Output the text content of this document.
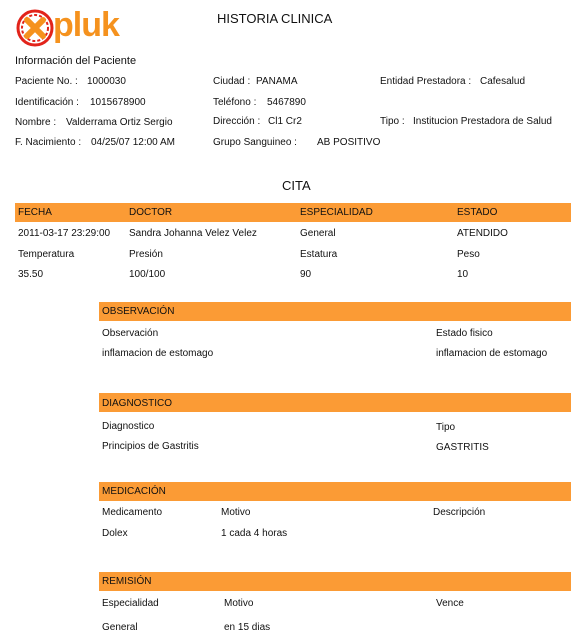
pluk	HISTORIA CLINICA
Información del Paciente
Paciente No. : 1000030
Identificación : 1015678900
Nombre : Valderrama Ortiz Sergio
F. Nacimiento : 04/25/07 12:00 AM
Ciudad : PANAMA
Teléfono : 5467890
Dirección : Cl1 Cr2
Grupo Sanguineo : AB POSITIVO
Entidad Prestadora : Cafesalud
Tipo : Institucion Prestadora de Salud
CITA
FECHA	DOCTOR	ESPECIALIDAD	ESTADO
2011-03-17 23:29:00 Sandra Johanna Velez Velez	General	ATENDIDO
Temperatura	Presión	Estatura	Peso
35.50	100/100	90	10
OBSERVACIÓN
Observación	Estado fisico
inflamacion de estomago	inflamacion de estomago
DIAGNOSTICO
Diagnostico	Tipo
Principios de Gastritis	GASTRITIS
MEDICACIÓN
Medicamento	Motivo	Descripción
Dolex	1 cada 4 horas
REMISIÓN
Especialidad	Motivo	Vence
General	en 15 dias
